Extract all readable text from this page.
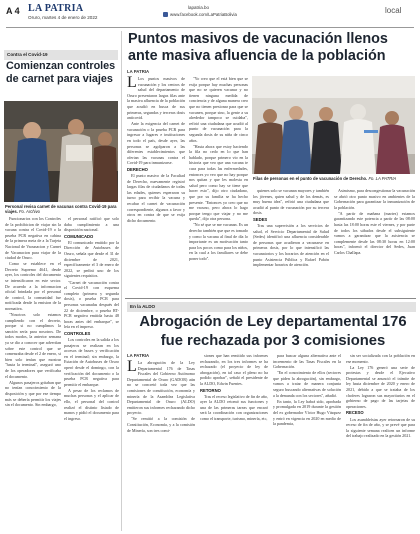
A 4 LA PATRIA
Oruro, martes 4 de enero de 2022
lapatria.bo
www.facebook.com/LaPatriaBolivia	local
Contra el Covid-19
Comienzan controles de carnet para viajes
Personal revisa carnet de vacunas contra Covid-19 para viajes. Fo. Archivo

Funcionarios con los Controles de la prohibicion de viajar sin la vacuna contra el Covid-19 o la prueba PCR negativa en cabina de la primera meta de a la Tarjeta Nacional de Vacunacion y Carnet de Vacunacion para viajar de la ciudad de Oruro.

Como se establece en el Decreto Supremo 4641, desde ayer, los controles del documento se intensificaron en este sector. De acuerdo a la informacion oficial brindada por el personal de control, la comunidad fue notificada desde la emision de la normativa.

"Nosotros solo estamos cumpliendo con el decreto, porque si no cumplimos la sanción sería para nosotros. De todos modos, la anterior semana ya se dio a conocer que advertían sobre este control que se comenzaba desde el 2 de enero, si bien solo tenían que mostrar "hasta la terminal", aseguró uno de los operadores que verificaba el documento.

Algunos pasajeros gritaban que no tenían conocimiento de la disposición y que por ese tiempo más se debería permitir los viajes sin el documento. Sin embargo,

el personal ratificó que solo daba cumplimiento a una disposición nacional.

COMUNICADO

El comunicado emitido por la Dirección de Autobuses de Oruro, señala que desde el 31 de diciembre de 2021, específicamente el 3 de enero de 2022, se pedirá uno de los siguientes requisitos.

"Carnet de vacunación contra el Covid-19 con esquema completo (primera y segunda dosis), o prueba PCR para personas vacunadas después del 22 de diciembre, o prueba RT-PCR negativa emitida hasta 48 horas antes del embarque", se leía en el impreso.

CONTROLES

Los controles en la salida a los pasajeros se realizan en los accesos de buses y verificación en el terminal; sin embargo, la Estación de Autobuses de Oruro operó desde el domingo, con la verificación del documento o la prueba PCR negativa para permitir el embarque.

A pesar de los reclamos de muchas personas y el aplicar de ello, el personal del control realizó el distinto listado de manos y pidió el documento para el ingreso.

Puntos masivos de vacunación llenos ante masiva afluencia de la población
LA PATRIA

L Los puntos masivos de vacunación y los centros de salud del departamento de Oruro presentaron largas filas ante la masiva afluencia de la población que acudió en busca de sus primeras, segundas y terceras dosis anticovid.

Ante la exigencia del carnet de vacunación o la prueba PCR para ingresar a lugares e instituciones en todo el país, desde ayer, las personas se agolparon a las diferentes establecimientos que ofertan las vacunas contra el Covid-19 para inmunizarse.

DERECHO

El punto masivo de la Facultad de Derecho, nuevamente registró largas filas de ciudadanos de todas las edades, quienes esperaron su turno para recibir la vacuna y recabar el carnet de vacunación correspondiente, algunos a favor y otros en contra de que se exija dicho documento.

"Yo creo que el está bien que se exija porque hay muchas personas que no se quieren vacunar y no tienen ninguna medida de conciencia y de alguna manera creo que no tienen presionar para que se vacunen, porque sino, la gente a su alrededor tampoco se cuidaba", refirió una ciudadana que acudió al punto de vacunación para la segunda dosis de su niña de cinco años.

"Hasta ahora que estoy haciendo la fila no cedo en lo que han hablado, porque primero vio en la historia que veo que una vacuna te cura para todas las enfermedades, entonces yo veo que no hay porque nos quitan y que les molesta en salud pero como hay se tiene que hacer esto", dijo otro ciudadano, que por su familia se ha hecho presente. "Entonces yo creo que no me vacuno, pero ahora lo hago porque tengo que viajar y no me queda", dijo otra persona.

"No sé que se me vacunan. Es un derecho también que que es tomado y como la vacuna al final de día lo importante es un motivación tanto para los pocos como para los niños, en la cual a los familiares se debe poner todo".

Filas de personas en el punto de vacunación de Derecho. Fo. LA PATRIA

quienes solo se vacunan mayores y también los jóvenes, quien salud y de los demás, es muy buena idea", refirió una ciudadana que acudió al punto de vacunación por su tercera dosis.

SEDES

Tras una supervisión a los servicios de salud, el Servicio Departamental de Salud (Sedes) identificó una afluencia considerable de personas que acudieron a vacunarse en primeras dosis, por lo que intensificó las vacunatorios y los horarios de atención en el punto Asistencia Pública y Rafael Pabón implementar horarios de atención.

Asimismo, para descongestionar la vacunación se abrió otro punto masivo en ambientes de la Gobernación para garantizar la inmunización de la población.

"A partir de mañana (martes) estamos garantizando este potencia a partir de las 08:00 hasta las 18:00 horas este el viernes, y por parte de todos los sábados desde el subsiguiente vamos a garantizar que la asistencia se complemente desde las 08:30 horas en 12:00 horas", informó el director del Sedes, Juan Carlos Challapa.

En la ALDO
Abrogación de Ley departamental 176 fue rechazada por 3 comisiones
LA PATRIA

L La abrogación de la Ley Departamental 176 de Tasas Fiscales del Gobierno Autónomo Departamental de Oruro (GADOR) aún no se concretó toda vez que las comisiones de constitución, economía y minería de la Asamblea Legislativa Departamental de Oruro (ALDO) emitieron sus informes rechazando dicho proyecto.

"Se remitió a la comisión de Constitución, Economía, y a la comisión de Minería, son tres comi-

siones que han remitido sus informes rechazando, en los tres informes se ha rechazado (el proyecto de ley de abrogación), en tal caso el pleno no ha podido aprobar", señaló el presidente de la ALDO, Edwin Fuentes.

RETORNO

Tras el receso legislativo de fin de año, ayer la ALDO retomó sus funciones y una de las primeras tareas que encaró será la coordinación con organizaciones como el transporte, turismo, minería, etc,

para buscar alguna alternativa ante el incremento de las Tasas Fiscales en la Gobernación.

"En el conocimiento de ellos (sectores que piden la abrogación), sin embargo, vamos a tratar de manera conjunta seguro buscando alternativas de solución a la demanda con los sectores", añadió.

En tanto, la Ley habrá sido, aprobada y promulgada en 2019 durante la gestión del ex gobernador Víctor Hugo Vásquez y entró en vigencia en 2020 en medio de la pandemia,

sin ser socializada con la población en ese momento.

La Ley 176 generó una serie de protestas y desde el Ejecutivo Departamental se anunció el trámite de ley hasta diciembre de 2020 y enero de 2021, debido a que se trataba de los choferes lograron sus mayoritarios en el gobierno de pago de las tarjetas de operaciones.

RECESO

Los asambleístas ayer retornaron de su receso de fin de año, y se prevé que para la siguiente semana realicen un informe del trabajo realizado en la gestión 2021.
